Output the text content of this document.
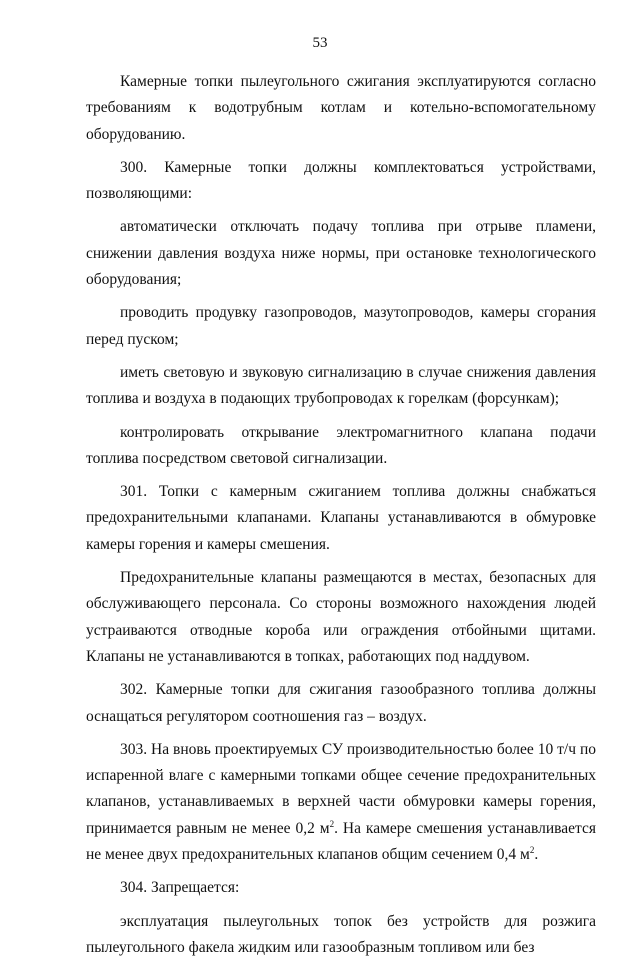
53

Камерные топки пылеугольного сжигания эксплуатируются согласно требованиям к водотрубным котлам и котельно-вспомогательному оборудованию.

300. Камерные топки должны комплектоваться устройствами, позволяющими:

автоматически отключать подачу топлива при отрыве пламени, снижении давления воздуха ниже нормы, при остановке технологического оборудования;

проводить продувку газопроводов, мазутопроводов, камеры сгорания перед пуском;

иметь световую и звуковую сигнализацию в случае снижения давления топлива и воздуха в подающих трубопроводах к горелкам (форсункам);

контролировать открывание электромагнитного клапана подачи топлива посредством световой сигнализации.

301. Топки с камерным сжиганием топлива должны снабжаться предохранительными клапанами. Клапаны устанавливаются в обмуровке камеры горения и камеры смешения.

Предохранительные клапаны размещаются в местах, безопасных для обслуживающего персонала. Со стороны возможного нахождения людей устраиваются отводные короба или ограждения отбойными щитами. Клапаны не устанавливаются в топках, работающих под наддувом.

302. Камерные топки для сжигания газообразного топлива должны оснащаться регулятором соотношения газ – воздух.

303. На вновь проектируемых СУ производительностью более 10 т/ч по испаренной влаге с камерными топками общее сечение предохранительных клапанов, устанавливаемых в верхней части обмуровки камеры горения, принимается равным не менее 0,2 $м^2$. На камере смешения устанавливается не менее двух предохранительных клапанов общим сечением 0,4 $м^2$.

304. Запрещается:

эксплуатация пылеугольных топок без устройств для розжига пылеугольного факела жидким или газообразным топливом или без
